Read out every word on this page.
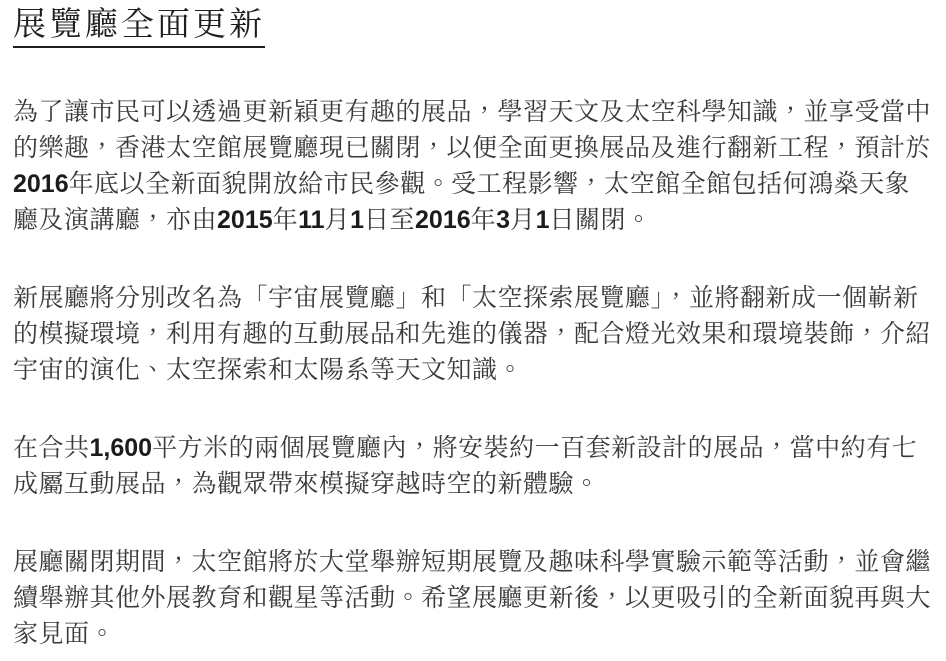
展覽廳全面更新

為了讓市民可以透過更新穎更有趣的展品，學習天文及太空科學知識，並享受當中的樂趣，香港太空館展覽廳現已關閉，以便全面更換展品及進行翻新工程，預計於2016年底以全新面貌開放給市民參觀。受工程影響，太空館全館包括何鴻燊天象廳及演講廳，亦由2015年11月1日至2016年3月1日關閉。

新展廳將分別改名為「宇宙展覽廳」和「太空探索展覽廳」，並將翻新成一個嶄新的模擬環境，利用有趣的互動展品和先進的儀器，配合燈光效果和環境裝飾，介紹宇宙的演化、太空探索和太陽系等天文知識。

在合共1,600平方米的兩個展覽廳內，將安裝約一百套新設計的展品，當中約有七成屬互動展品，為觀眾帶來模擬穿越時空的新體驗。

展廳關閉期間，太空館將於大堂舉辦短期展覽及趣味科學實驗示範等活動，並會繼續舉辦其他外展教育和觀星等活動。希望展廳更新後，以更吸引的全新面貌再與大家見面。
